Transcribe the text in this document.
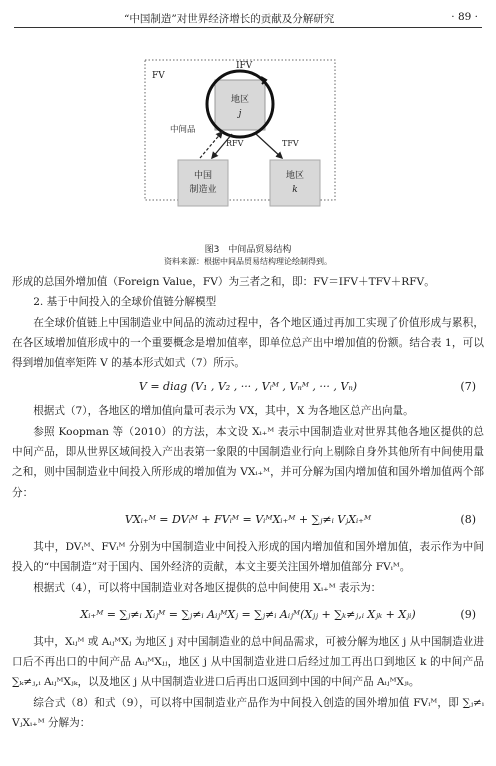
“中国制造”对世界经济增长的贡献及分解研究	· 89 ·
FV
IFV
地区
j
中间品
RFV	TFV
中国
制造业
地区
k
图3　中间品贸易结构
资料来源：根据中间品贸易结构理论绘制得到。

形成的总国外增加值（Foreign Value，FV）为三者之和，即：FV＝IFV＋TFV＋RFV。

2. 基于中间投入的全球价值链分解模型

在全球价值链上中国制造业中间品的流动过程中，各个地区通过再加工实现了价值形成与累积，在各区域增加值形成中的一个重要概念是增加值率，即单位总产出中增加值的份额。结合表 1，可以得到增加值率矩阵 V 的基本形式如式（7）所示。

V = diag (V₁ , V₂ , ··· , Vᵢᴹ , Vₙᴹ , ··· , Vₙ)	(7)

根据式（7），各地区的增加值向量可表示为 VX，其中，X 为各地区总产出向量。

参照 Koopman 等（2010）的方法，本文设 Xᵢ₊ᴹ 表示中国制造业对世界其他各地区提供的总中间产品，即从世界区域间投入产出表第一象限的中国制造业行向上剔除自身外其他所有中间使用量之和，则中国制造业中间投入所形成的增加值为 VXᵢ₊ᴹ，并可分解为国内增加值和国外增加值两个部分：

VXᵢ₊ᴹ = DVᵢᴹ + FVᵢᴹ = VᵢᴹXᵢ₊ᴹ + ∑ⱼ≠ᵢ VⱼXᵢ₊ᴹ	(8)

其中，DVᵢᴹ、FVᵢᴹ 分别为中国制造业中间投入形成的国内增加值和国外增加值，表示作为中间投入的“中国制造”对于国内、国外经济的贡献，本文主要关注国外增加值部分 FVᵢᴹ。

根据式（4），可以将中国制造业对各地区提供的总中间使用 Xᵢ₊ᴹ 表示为：

Xᵢ₊ᴹ = ∑ⱼ≠ᵢ Xᵢⱼᴹ = ∑ⱼ≠ᵢ AᵢⱼᴹXⱼ = ∑ⱼ≠ᵢ Aᵢⱼᴹ(Xⱼⱼ + ∑ₖ≠ⱼ,ᵢ Xⱼₖ + Xⱼᵢ)	(9)

其中，Xᵢⱼᴹ 或 AᵢⱼᴹXⱼ 为地区 j 对中国制造业的总中间品需求，可被分解为地区 j 从中国制造业进口后不再出口的中间产品 AᵢⱼᴹXⱼⱼ，地区 j 从中国制造业进口后经过加工再出口到地区 k 的中间产品 ∑ₖ≠ⱼ,ᵢ AᵢⱼᴹXⱼₖ，以及地区 j 从中国制造业进口后再出口返回到中国的中间产品 AᵢⱼᴹXⱼᵢ。

综合式（8）和式（9），可以将中国制造业产品作为中间投入创造的国外增加值 FVᵢᴹ，即 ∑ⱼ≠ᵢ VⱼXᵢ₊ᴹ 分解为：
